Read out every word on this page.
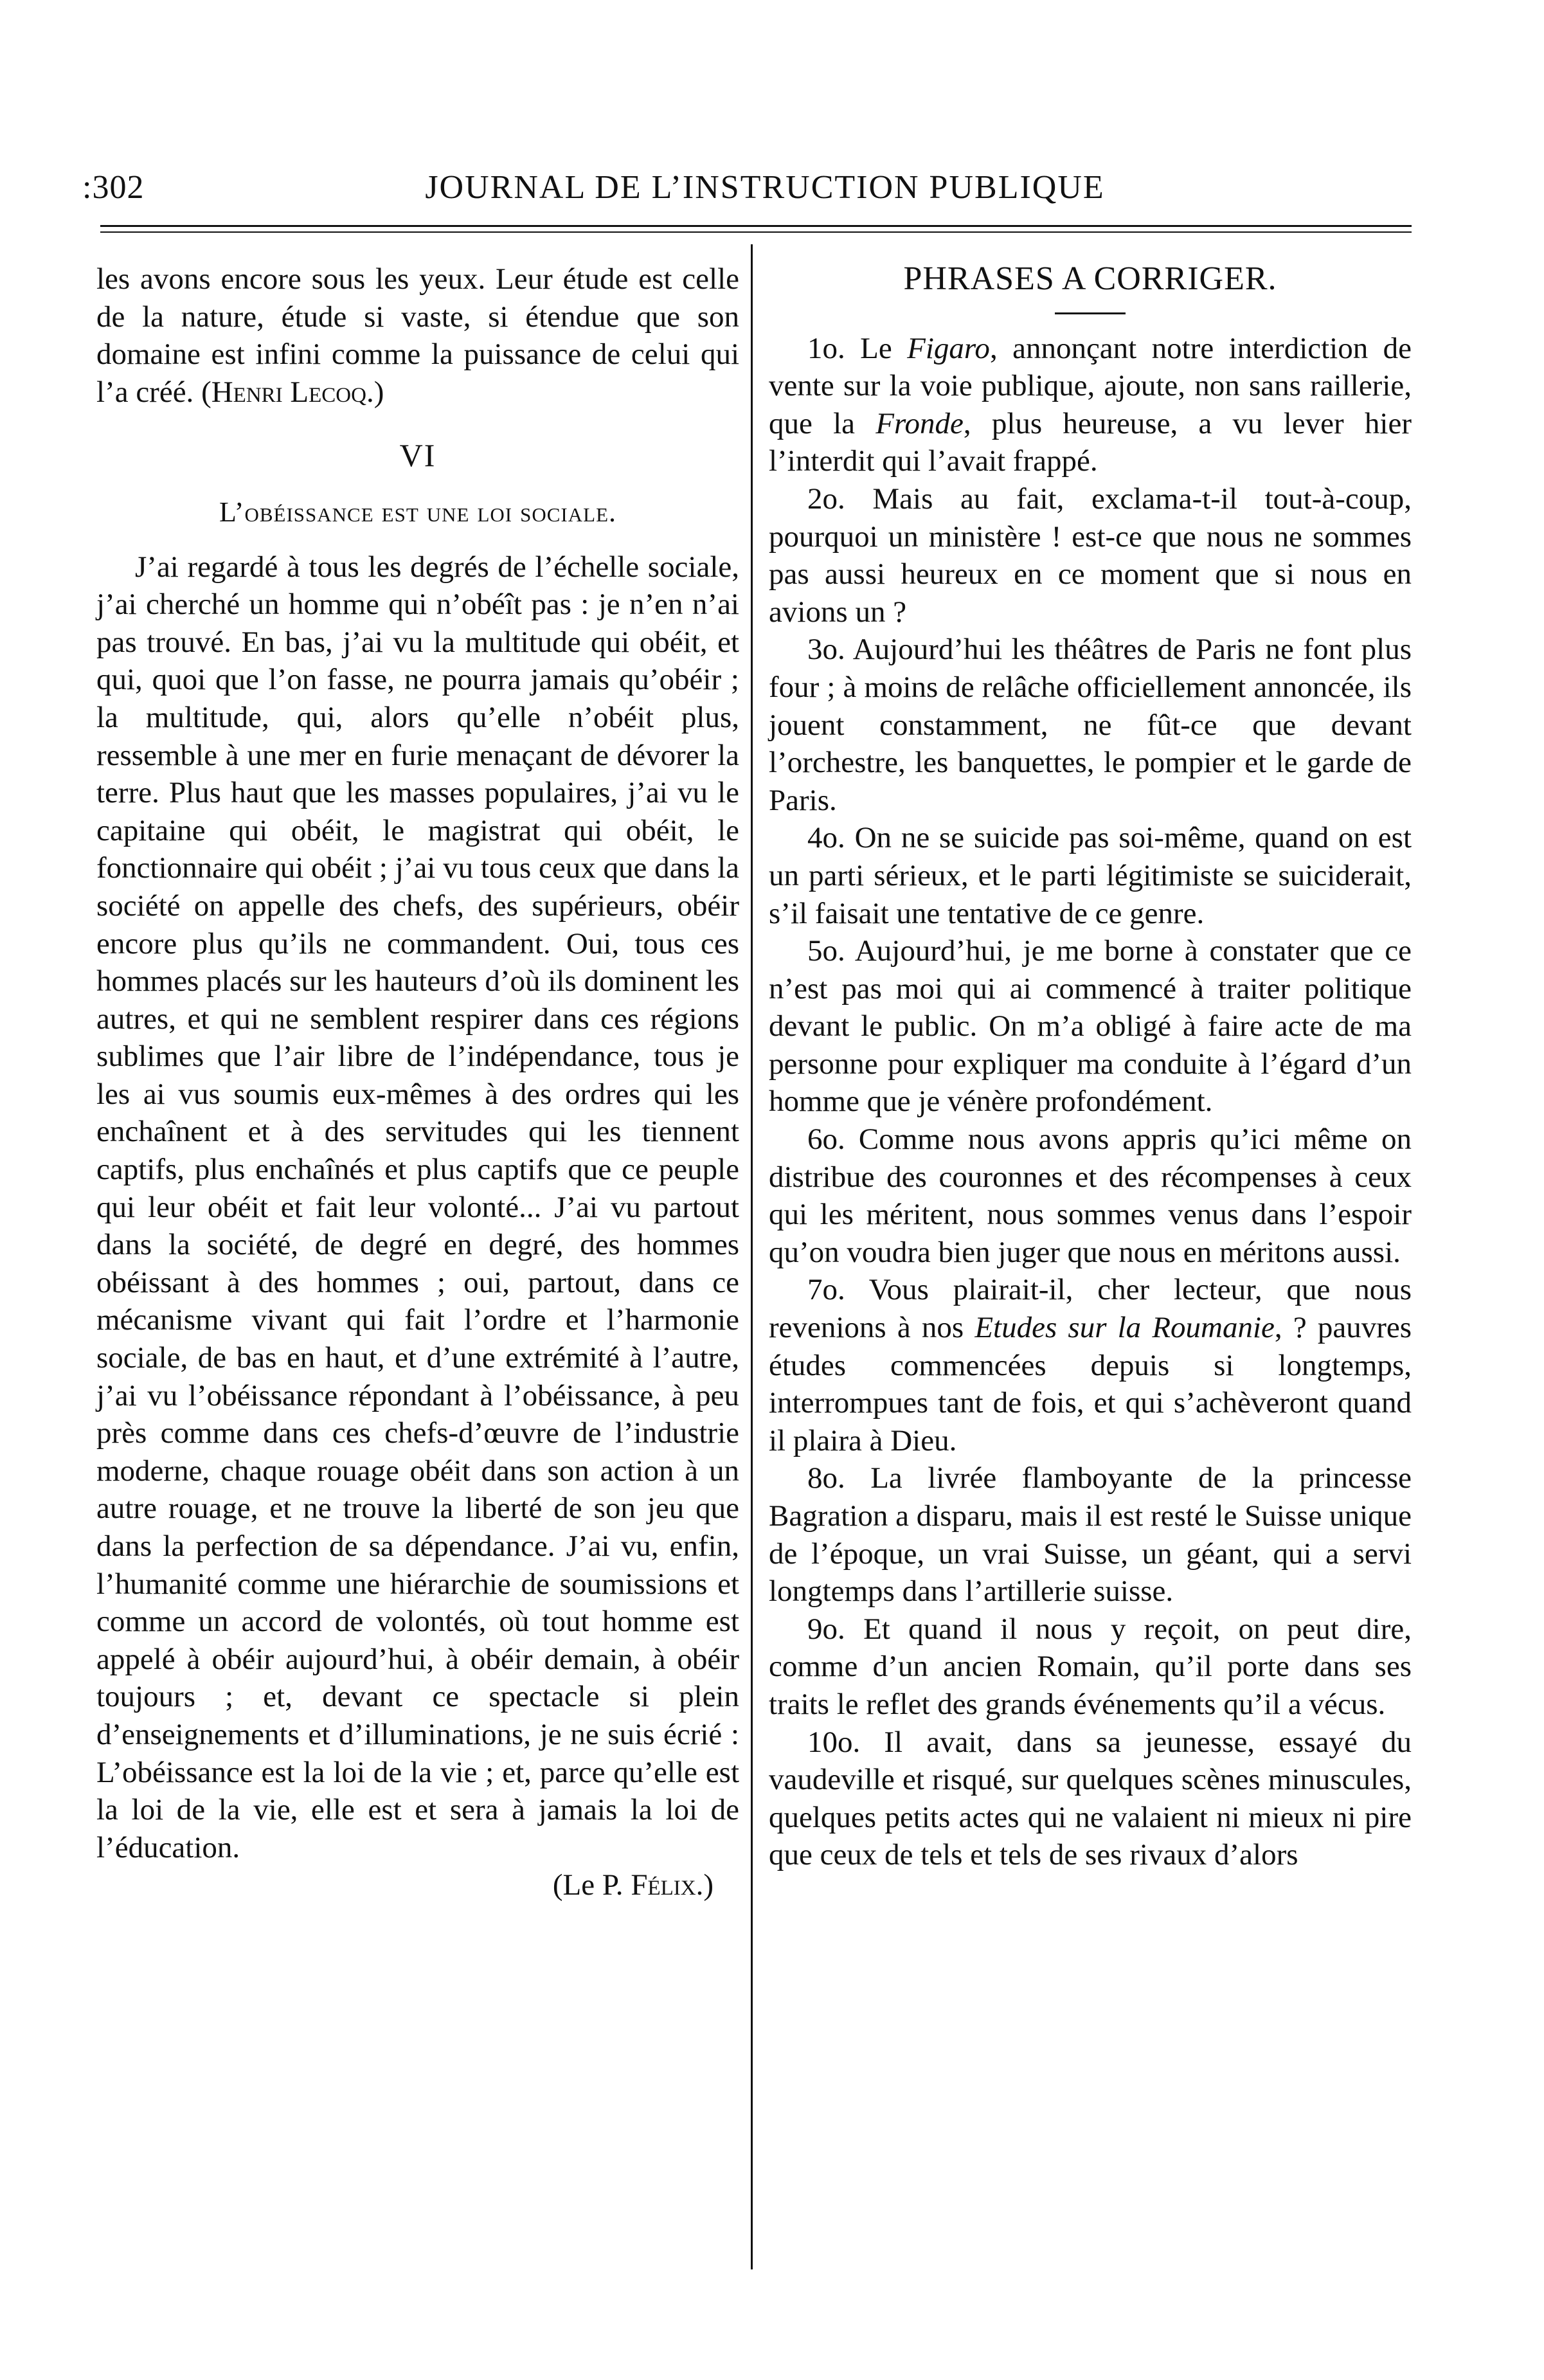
:302	JOURNAL DE L’INSTRUCTION PUBLIQUE

les avons encore sous les yeux. Leur étude est celle de la nature, étude si vaste, si étendue que son domaine est infini comme la puissance de celui qui l’a créé. (Henri Lecoq.)

VI
L’obéissance est une loi sociale.

J’ai regardé à tous les degrés de l’échelle sociale, j’ai cherché un homme qui n’obéît pas : je n’en n’ai pas trouvé. En bas, j’ai vu la multitude qui obéit, et qui, quoi que l’on fasse, ne pourra jamais qu’obéir ; la multitude, qui, alors qu’elle n’obéit plus, ressemble à une mer en furie menaçant de dévorer la terre. Plus haut que les masses populaires, j’ai vu le capitaine qui obéit, le magistrat qui obéit, le fonctionnaire qui obéit ; j’ai vu tous ceux que dans la société on appelle des chefs, des supérieurs, obéir encore plus qu’ils ne commandent. Oui, tous ces hommes placés sur les hauteurs d’où ils dominent les autres, et qui ne semblent respirer dans ces régions sublimes que l’air libre de l’indépendance, tous je les ai vus soumis eux-mêmes à des ordres qui les enchaînent et à des servitudes qui les tiennent captifs, plus enchaînés et plus captifs que ce peuple qui leur obéit et fait leur volonté... J’ai vu partout dans la société, de degré en degré, des hommes obéissant à des hommes ; oui, partout, dans ce mécanisme vivant qui fait l’ordre et l’harmonie sociale, de bas en haut, et d’une extrémité à l’autre, j’ai vu l’obéissance répondant à l’obéissance, à peu près comme dans ces chefs-d’œuvre de l’industrie moderne, chaque rouage obéit dans son action à un autre rouage, et ne trouve la liberté de son jeu que dans la perfection de sa dépendance. J’ai vu, enfin, l’humanité comme une hiérarchie de soumissions et comme un accord de volontés, où tout homme est appelé à obéir aujourd’hui, à obéir demain, à obéir toujours ; et, devant ce spectacle si plein d’enseignements et d’illuminations, je ne suis écrié : L’obéissance est la loi de la vie ; et, parce qu’elle est la loi de la vie, elle est et sera à jamais la loi de l’éducation.

(Le P. Félix.)

PHRASES A CORRIGER.

1o. Le Figaro, annonçant notre interdiction de vente sur la voie publique, ajoute, non sans raillerie, que la Fronde, plus heureuse, a vu lever hier l’interdit qui l’avait frappé.

2o. Mais au fait, exclama-t-il tout-à-coup, pourquoi un ministère ! est-ce que nous ne sommes pas aussi heureux en ce moment que si nous en avions un ?

3o. Aujourd’hui les théâtres de Paris ne font plus four ; à moins de relâche officiellement annoncée, ils jouent constamment, ne fût-ce que devant l’orchestre, les banquettes, le pompier et le garde de Paris.

4o. On ne se suicide pas soi-même, quand on est un parti sérieux, et le parti légitimiste se suiciderait, s’il faisait une tentative de ce genre.

5o. Aujourd’hui, je me borne à constater que ce n’est pas moi qui ai commencé à traiter politique devant le public. On m’a obligé à faire acte de ma personne pour expliquer ma conduite à l’égard d’un homme que je vénère profondément.

6o. Comme nous avons appris qu’ici même on distribue des couronnes et des récompenses à ceux qui les méritent, nous sommes venus dans l’espoir qu’on voudra bien juger que nous en méritons aussi.

7o. Vous plairait-il, cher lecteur, que nous revenions à nos Etudes sur la Roumanie, ? pauvres études commencées depuis si longtemps, interrompues tant de fois, et qui s’achèveront quand il plaira à Dieu.

8o. La livrée flamboyante de la princesse Bagration a disparu, mais il est resté le Suisse unique de l’époque, un vrai Suisse, un géant, qui a servi longtemps dans l’artillerie suisse.

9o. Et quand il nous y reçoit, on peut dire, comme d’un ancien Romain, qu’il porte dans ses traits le reflet des grands événements qu’il a vécus.

10o. Il avait, dans sa jeunesse, essayé du vaudeville et risqué, sur quelques scènes minuscules, quelques petits actes qui ne valaient ni mieux ni pire que ceux de tels et tels de ses rivaux d’alors
